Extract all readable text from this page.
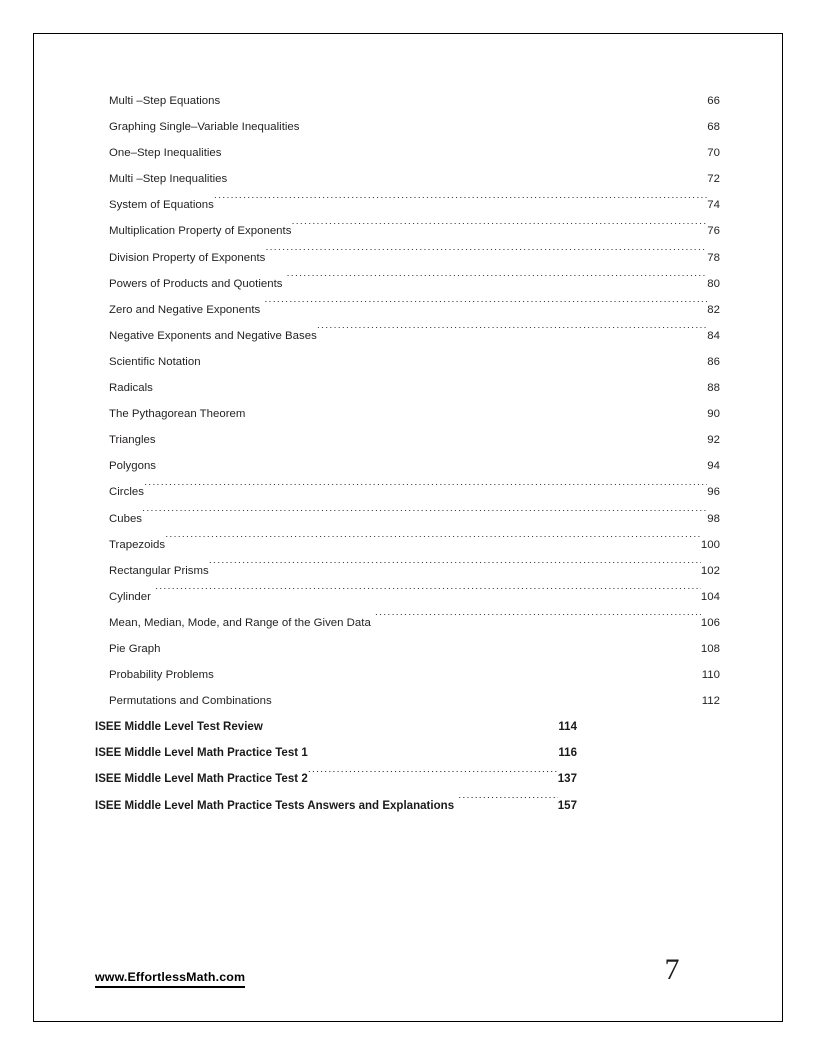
Multi –Step Equations .....	66
Graphing Single–Variable Inequalities .....	68
One–Step Inequalities .....	70
Multi –Step Inequalities .....	72
System of Equations .....	74
Multiplication Property of Exponents .....	76
Division Property of Exponents .....	78
Powers of Products and Quotients .....	80
Zero and Negative Exponents .....	82
Negative Exponents and Negative Bases .....	84
Scientific Notation .....	86
Radicals .....	88
The Pythagorean Theorem .....	90
Triangles .....	92
Polygons .....	94
Circles .....	96
Cubes .....	98
Trapezoids .....	100
Rectangular Prisms .....	102
Cylinder .....	104
Mean, Median, Mode, and Range of the Given Data .....	106
Pie Graph .....	108
Probability Problems .....	110
Permutations and Combinations .....	112
ISEE Middle Level Test Review .....	114
ISEE Middle Level Math Practice Test 1 .....	116
ISEE Middle Level Math Practice Test 2 .....	137
ISEE Middle Level Math Practice Tests Answers and Explanations .....	157
www.EffortlessMath.com	7
